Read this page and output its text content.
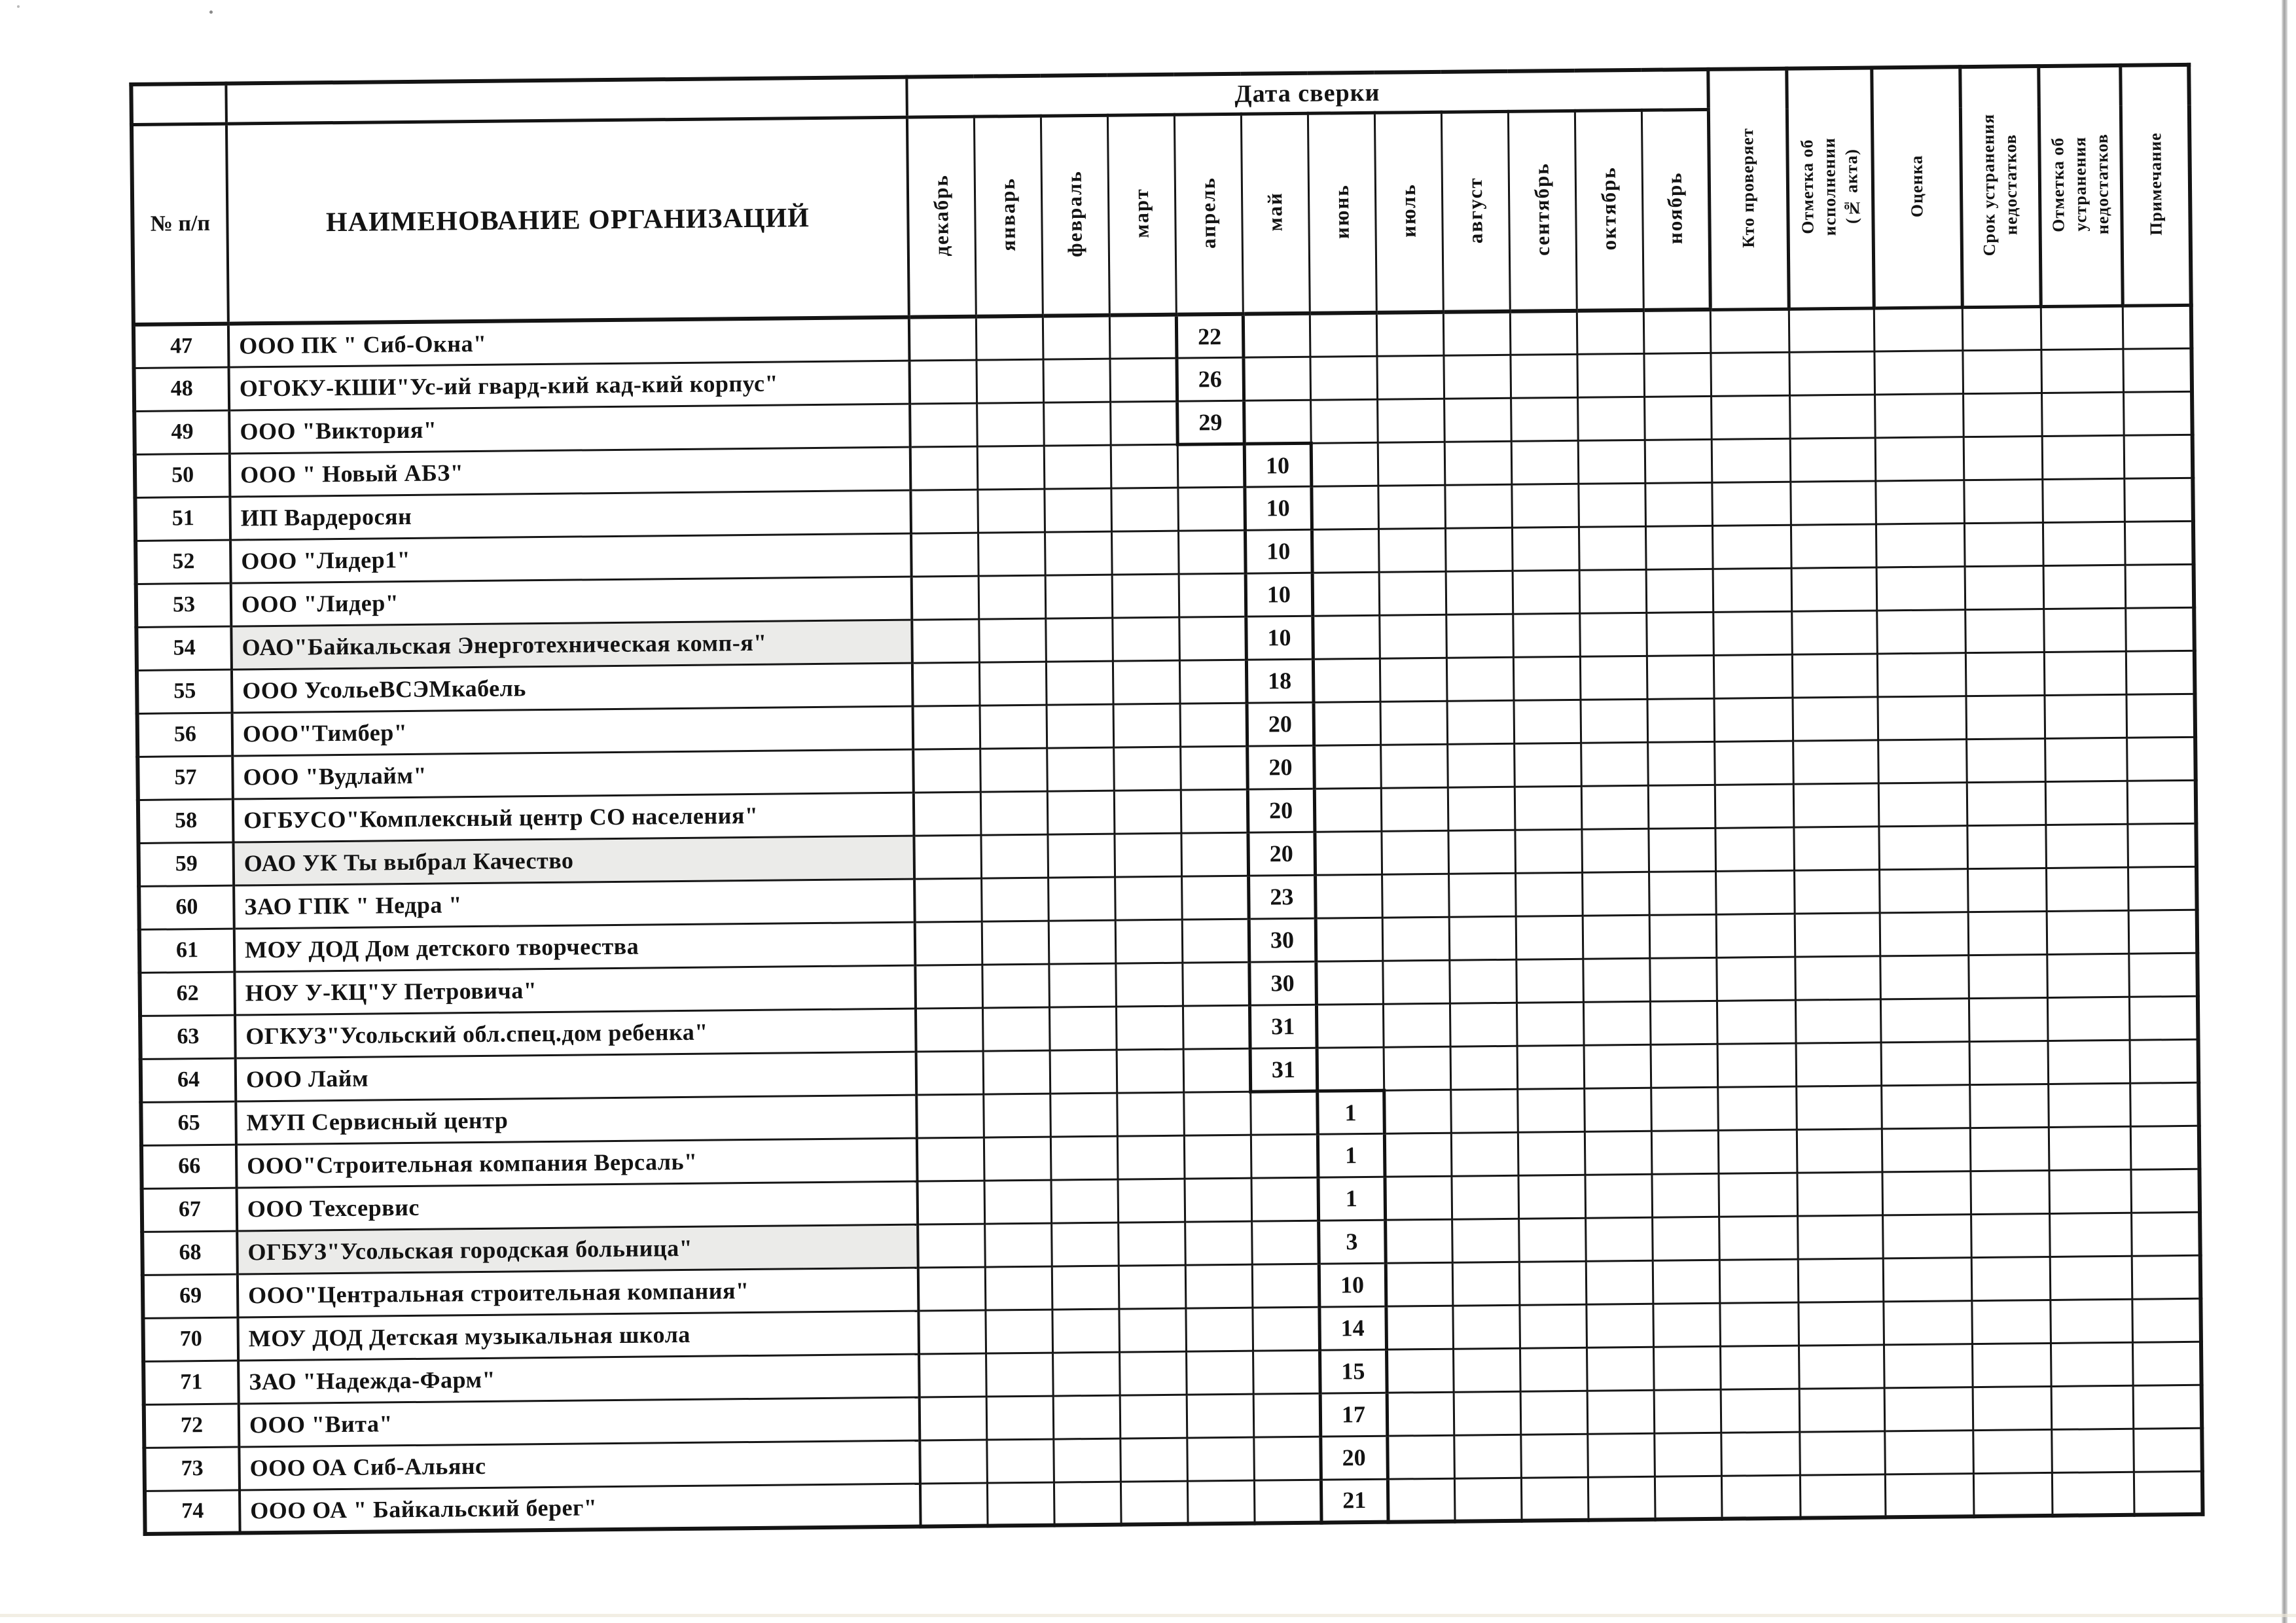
		Дата сверки												Кто проверяет	Отметка об
исполнении
(№ акта)	Оценка	Срок устранения
недостатков	Отметка об
устранения
недостатков	Примечание
№ п/п	НАИМЕНОВАНИЕ ОРГАНИЗАЦИЙ	декабрь	январь	февраль	март	апрель	май	июнь	июль	август	сентябрь	октябрь	ноябрь						
47	ООО ПК " Сиб-Окна"					22													
48	ОГОКУ-КШИ"Ус-ий гвард-кий кад-кий корпус"					26													
49	ООО "Виктория"					29													
50	ООО " Новый АБЗ"						10												
51	ИП Вардеросян						10												
52	ООО "Лидер1"						10												
53	ООО "Лидер"						10												
54	ОАО"Байкальская Энерготехническая комп-я"						10												
55	ООО УсольеВСЭМкабель						18												
56	ООО"Тимбер"						20												
57	ООО "Вудлайм"						20												
58	ОГБУСО"Комплексный центр СО населения"						20												
59	ОАО УК Ты выбрал Качество						20												
60	ЗАО ГПК " Недра "						23												
61	МОУ ДОД Дом детского творчества						30												
62	НОУ У-КЦ"У Петровича"						30												
63	ОГКУЗ"Усольский обл.спец.дом ребенка"						31												
64	ООО Лайм						31												
65	МУП Сервисный центр							1											
66	ООО"Строительная компания Версаль"							1											
67	ООО Техсервис							1											
68	ОГБУЗ"Усольская городская больница"							3											
69	ООО"Центральная строительная компания"							10											
70	МОУ ДОД Детская музыкальная школа							14											
71	ЗАО "Надежда-Фарм"							15											
72	ООО "Вита"							17											
73	ООО ОА Сиб-Альянс							20											
74	ООО ОА " Байкальский берег"							21											
